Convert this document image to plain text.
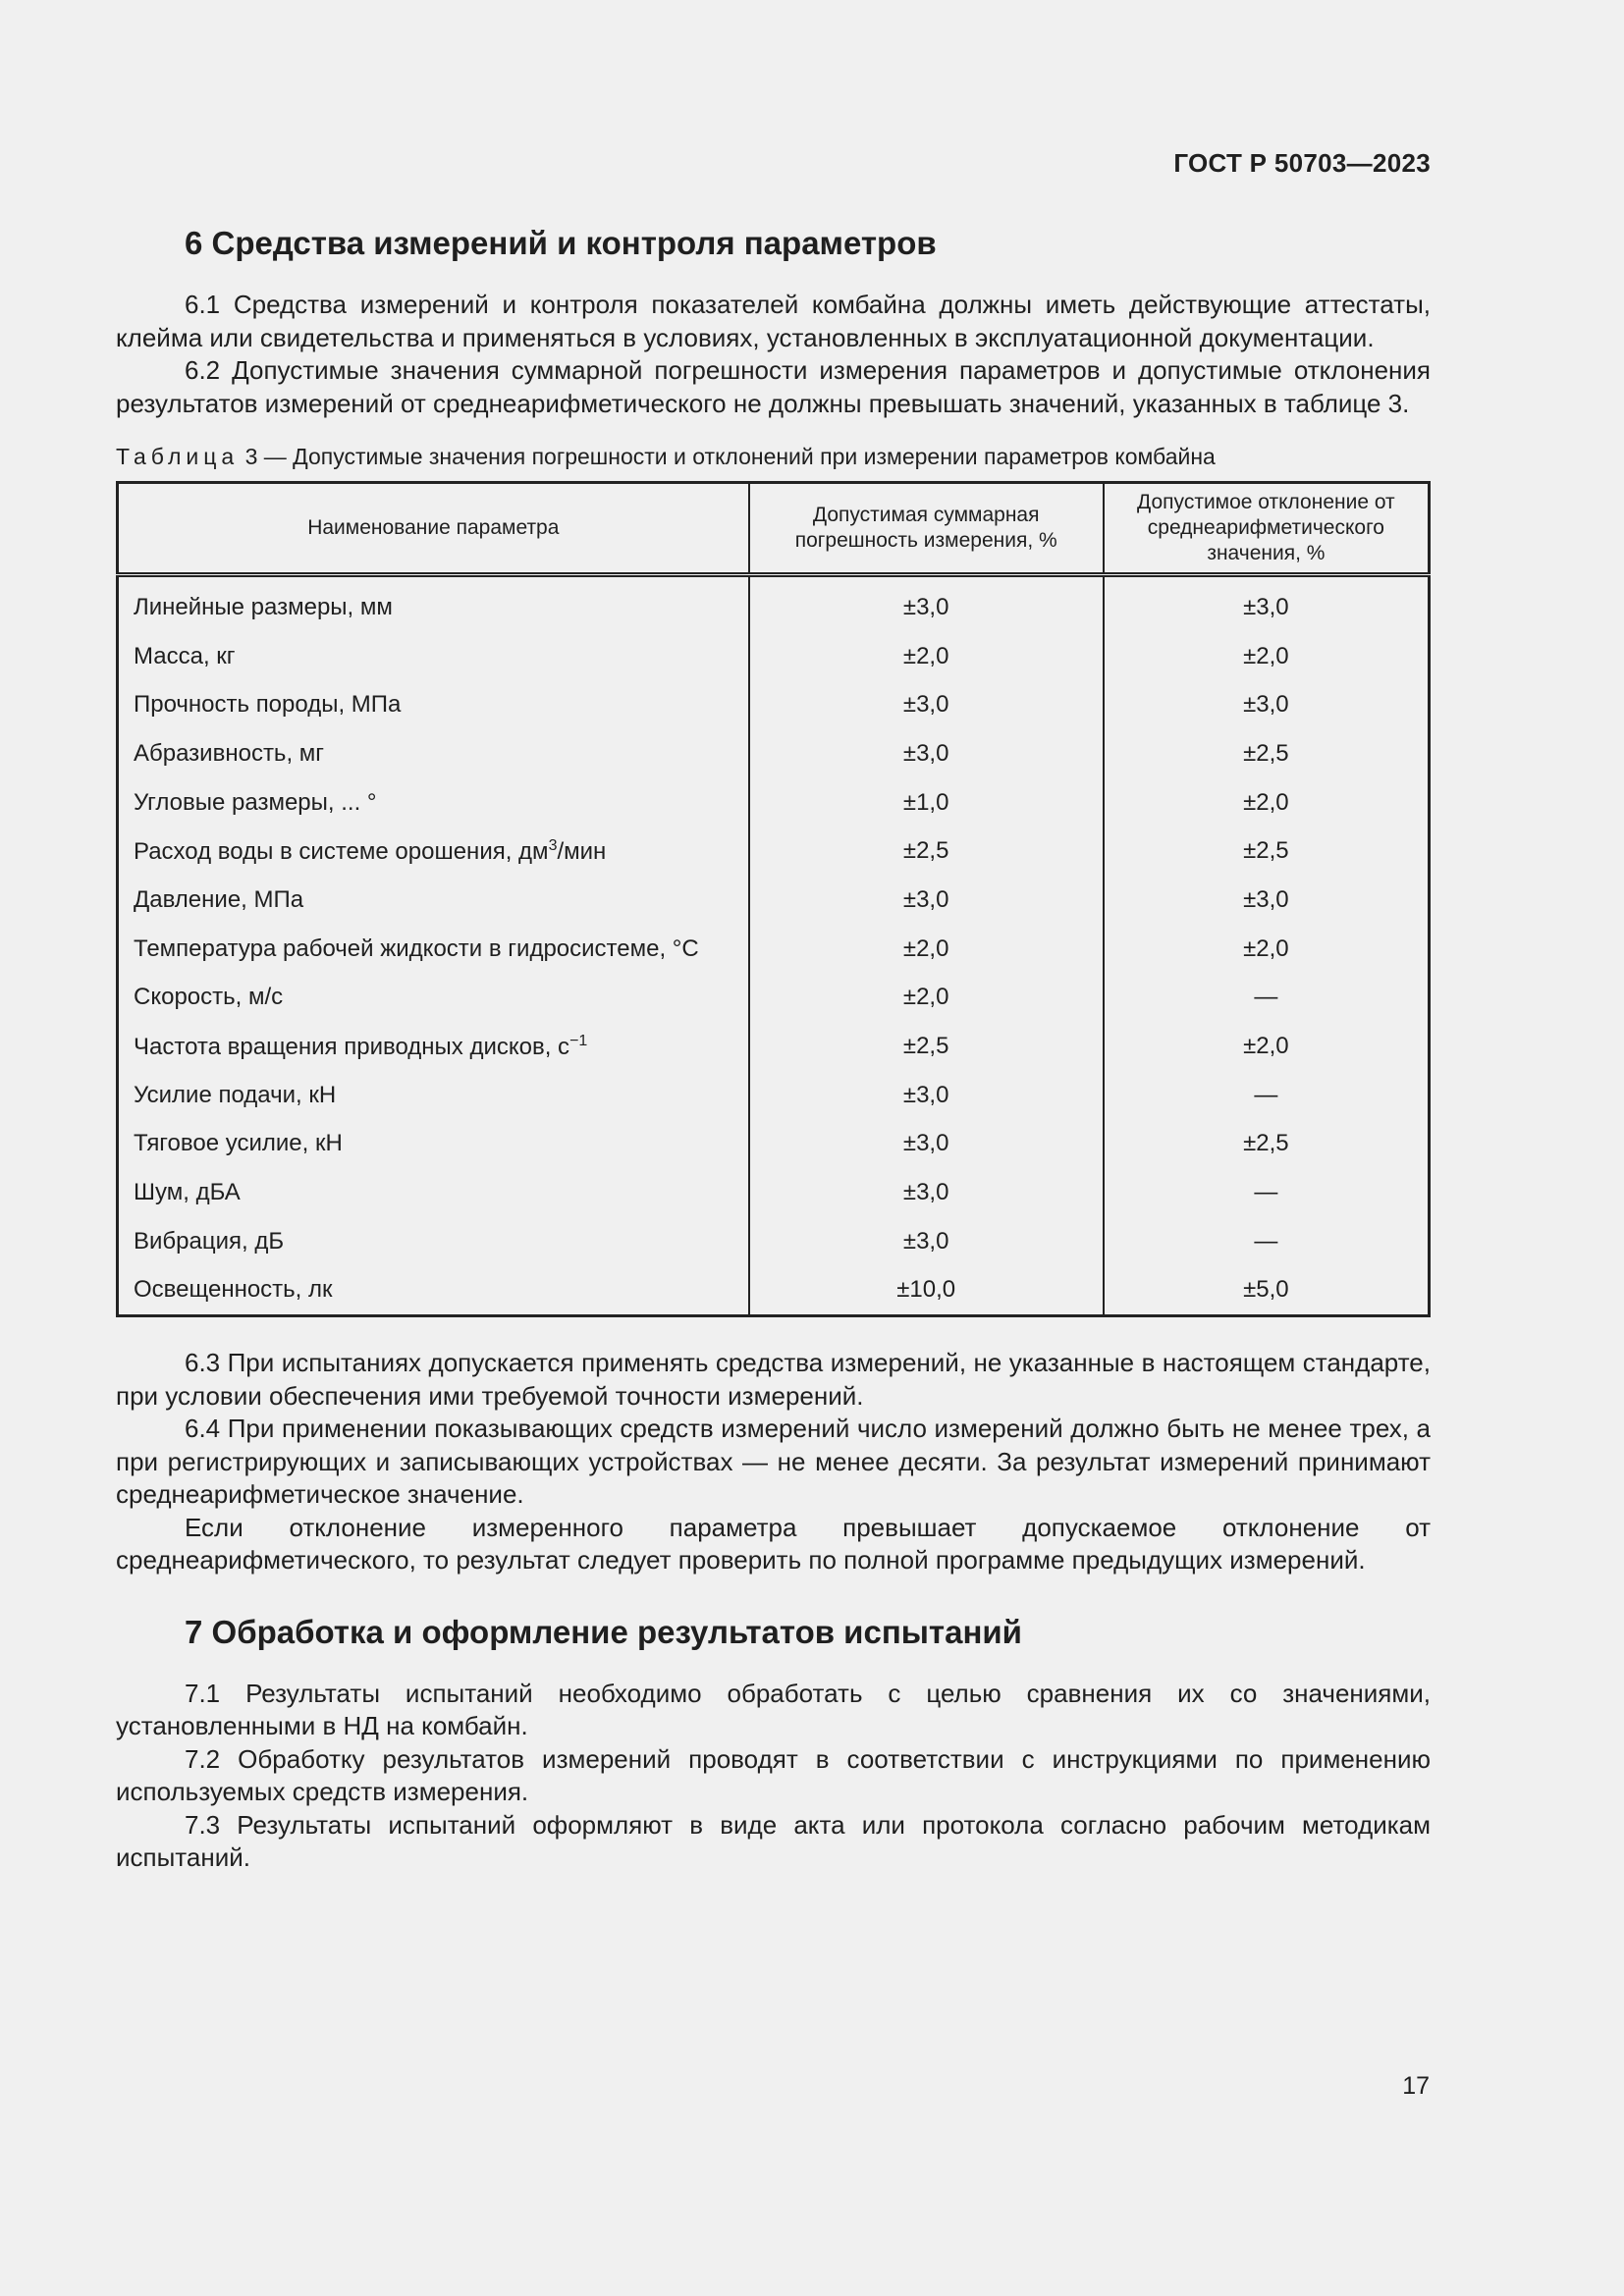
ГОСТ Р 50703—2023
6 Средства измерений и контроля параметров

6.1 Средства измерений и контроля показателей комбайна должны иметь действующие аттестаты, клейма или свидетельства и применяться в условиях, установленных в эксплуатационной документации.

6.2 Допустимые значения суммарной погрешности измерения параметров и допустимые отклонения результатов измерений от среднеарифметического не должны превышать значений, указанных в таблице 3.

Таблица 3 — Допустимые значения погрешности и отклонений при измерении параметров комбайна
Наименование параметра	Допустимая суммарная погрешность измерения, %	Допустимое отклонение от среднеарифметического значения, %
Линейные размеры, мм	±3,0	±3,0
Масса, кг	±2,0	±2,0
Прочность породы, МПа	±3,0	±3,0
Абразивность, мг	±3,0	±2,5
Угловые размеры, ... °	±1,0	±2,0
Расход воды в системе орошения, $дм^3$/мин	±2,5	±2,5
Давление, МПа	±3,0	±3,0
Температура рабочей жидкости в гидросистеме, °С	±2,0	±2,0
Скорость, м/с	±2,0	—
Частота вращения приводных дисков, $с^{-1}$	±2,5	±2,0
Усилие подачи, кН	±3,0	—
Тяговое усилие, кН	±3,0	±2,5
Шум, дБА	±3,0	—
Вибрация, дБ	±3,0	—
Освещенность, лк	±10,0	±5,0

6.3 При испытаниях допускается применять средства измерений, не указанные в настоящем стандарте, при условии обеспечения ими требуемой точности измерений.

6.4 При применении показывающих средств измерений число измерений должно быть не менее трех, а при регистрирующих и записывающих устройствах — не менее десяти. За результат измерений принимают среднеарифметическое значение.

Если отклонение измеренного параметра превышает допускаемое отклонение от среднеарифметического, то результат следует проверить по полной программе предыдущих измерений.

7 Обработка и оформление результатов испытаний

7.1 Результаты испытаний необходимо обработать с целью сравнения их со значениями, установленными в НД на комбайн.

7.2 Обработку результатов измерений проводят в соответствии с инструкциями по применению используемых средств измерения.

7.3 Результаты испытаний оформляют в виде акта или протокола согласно рабочим методикам испытаний.

17
